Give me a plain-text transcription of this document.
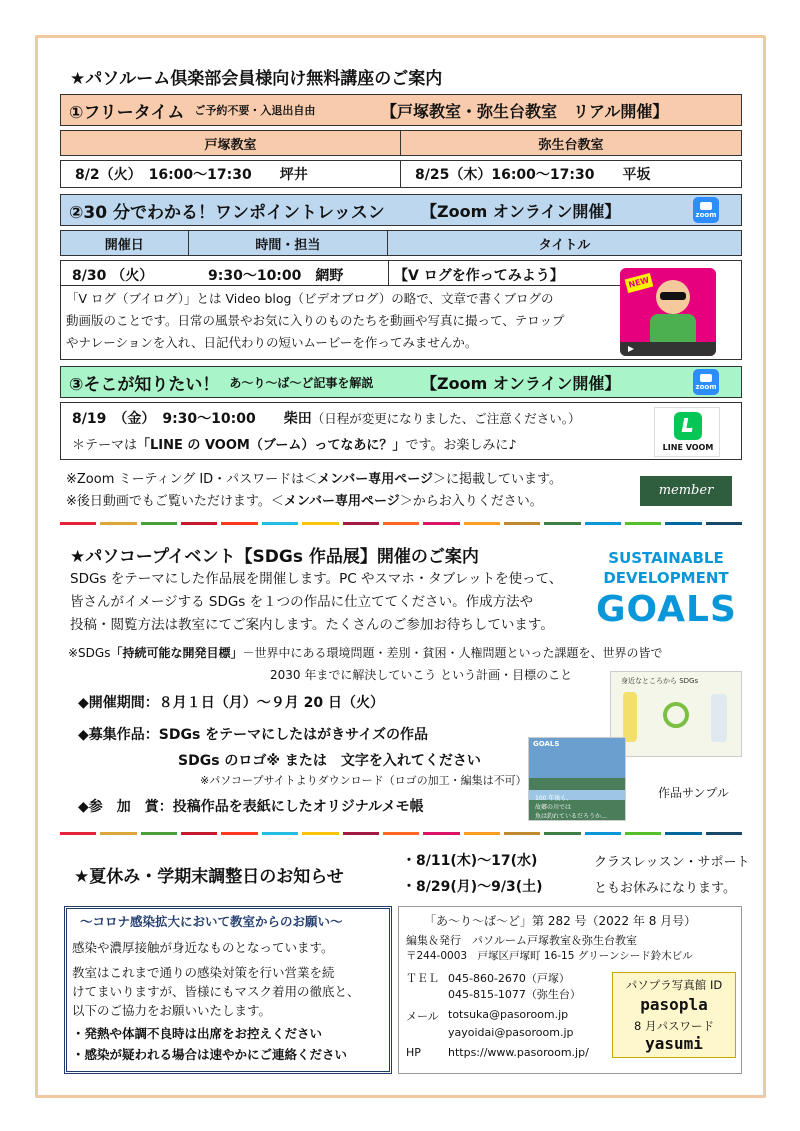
★パソルーム倶楽部会員様向け無料講座のご案内
①フリータイム ご予約不要・入退出自由	【戸塚教室・弥生台教室　リアル開催】
戸塚教室	弥生台教室
8/2（火）　16:00～17:30　　坪井	8/25（木）16:00～17:30　　平坂
②30 分でわかる！ワンポイントレッスン 【Zoom オンライン開催】	zoom
開催日	時間・担当	タイトル
8/30 （火）	9:30～10:00　網野	【V ログを作ってみよう】
「V ログ（ブイログ）」とは Video blog（ビデオブログ）の略で、文章で書くブログの
動画版のことです。日常の風景やお気に入りのものたちを動画や写真に撮って、テロップ
やナレーションを入れ、日記代わりの短いムービーを作ってみませんか。
NEW
③そこが知りたい！ あ～り～ば～ど記事を解説	【Zoom オンライン開催】	zoom
8/19　（金）　9:30～10:00　　柴田（日程が変更になりました、ご注意ください。）
＊テーマは「LINE の VOOM（ブーム）ってなあに？」です。お楽しみに♪	LINE VOOM
※Zoom ミーティング ID・パスワードは＜メンバー専用ページ＞に掲載しています。
※後日動画でもご覧いただけます。＜メンバー専用ページ＞からお入りください。
member
★パソコープイベント【SDGs 作品展】開催のご案内
SDGs をテーマにした作品展を開催します。PC やスマホ・タブレットを使って、
皆さんがイメージする SDGs を１つの作品に仕立ててください。作成方法や
投稿・閲覧方法は教室にてご案内します。たくさんのご参加お待ちしています。
SUSTAINABLE
DEVELOPMENT
GOALS
※SDGs「持続可能な開発目標」－世界中にある環境問題・差別・貧困・人権問題といった課題を、世界の皆で
2030 年までに解決していこう という計画・目標のこと
◆開催期間：８月１日（月）～９月 20 日（火）
◆募集作品：SDGs をテーマにしたはがきサイズの作品
SDGs のロゴ※ または　文字を入れてください
※パソコープサイトよりダウンロード（ロゴの加工・編集は不可）
◆参　加　賞：投稿作品を表紙にしたオリジナルメモ帳
身近なところから SDGs
GOALS
100 年後も、
故郷の川では
魚は釣れているだろうか…
作品サンプル
★夏休み・学期末調整日のお知らせ
・8/11(木)～17(水)
・8/29(月)～9/3(土)
クラスレッスン・サポート
ともお休みになります。
～コロナ感染拡大において教室からのお願い～
感染や濃厚接触が身近なものとなっています。
教室はこれまで通りの感染対策を行い営業を続
けてまいりますが、皆様にもマスク着用の徹底と、
以下のご協力をお願いいたします。
・発熱や体調不良時は出席をお控えください
・感染が疑われる場合は速やかにご連絡ください
「あ～り～ば～ど」第 282 号（2022 年 8 月号）
編集＆発行　パソルーム戸塚教室＆弥生台教室
〒244-0003　戸塚区戸塚町 16-15 グリーンシード鈴木ビル
ＴＥＬ 045-860-2670（戸塚）
045-815-1077（弥生台）
メール totsuka@pasoroom.jp
yayoidai@pasoroom.jp
HP https://www.pasoroom.jp/
パソプラ写真館 ID
pasopla
8 月パスワード
yasumi
